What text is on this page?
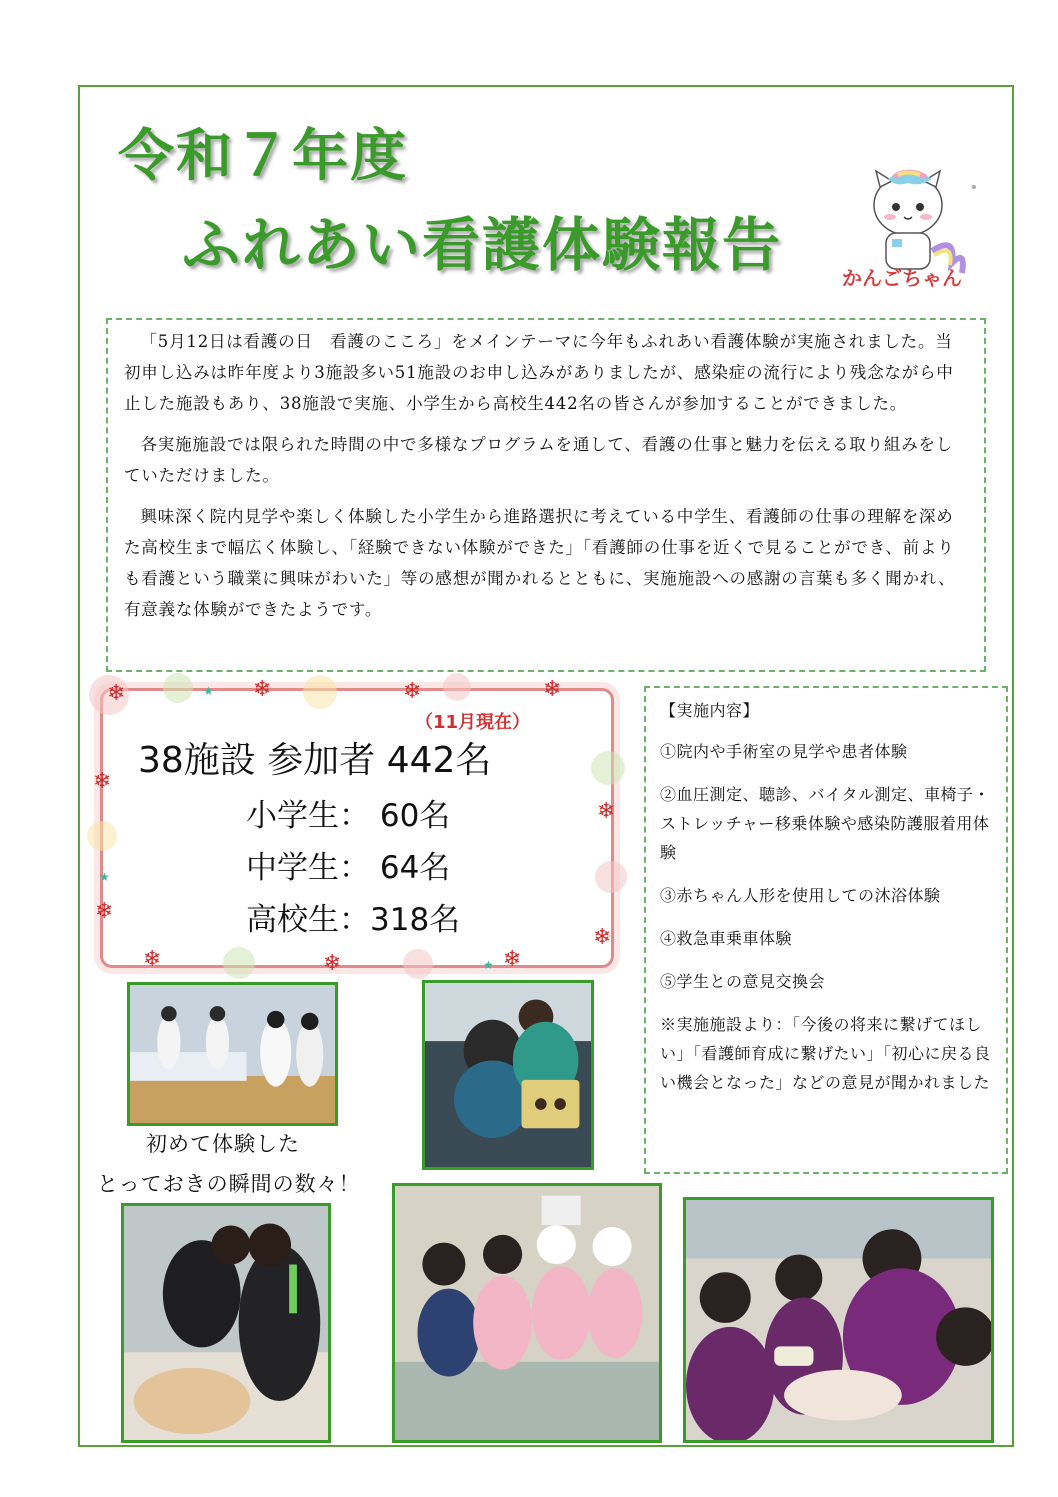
令和７年度
ふれあい看護体験報告	かんごちゃん

「5月12日は看護の日　看護のこころ」をメインテーマに今年もふれあい看護体験が実施されました。当初申し込みは昨年度より3施設多い51施設のお申し込みがありましたが、感染症の流行により残念ながら中止した施設もあり、38施設で実施、小学生から高校生442名の皆さんが参加することができました。

各実施施設では限られた時間の中で多様なプログラムを通して、看護の仕事と魅力を伝える取り組みをしていただけました。

興味深く院内見学や楽しく体験した小学生から進路選択に考えている中学生、看護師の仕事の理解を深めた高校生まで幅広く体験し、「経験できない体験ができた」「看護師の仕事を近くで見ることができ、前よりも看護という職業に興味がわいた」等の感想が聞かれるとともに、実施施設への感謝の言葉も多く聞かれ、有意義な体験ができたようです。

❄	❄	❄	❄
❄
❄
❄
❄	❄	❄
❄
★
★
★
（11月現在）
38施設 参加者 442名
小学生： 60名
中学生： 64名
高校生：318名
【実施内容】

①院内や手術室の見学や患者体験

②血圧測定、聴診、バイタル測定、車椅子・ストレッチャー移乗体験や感染防護服着用体験

③赤ちゃん人形を使用しての沐浴体験

④救急車乗車体験

⑤学生との意見交換会

※実施施設より：「今後の将来に繋げてほしい」「看護師育成に繋げたい」「初心に戻る良い機会となった」などの意見が聞かれました

初めて体験した
とっておきの瞬間の数々！
